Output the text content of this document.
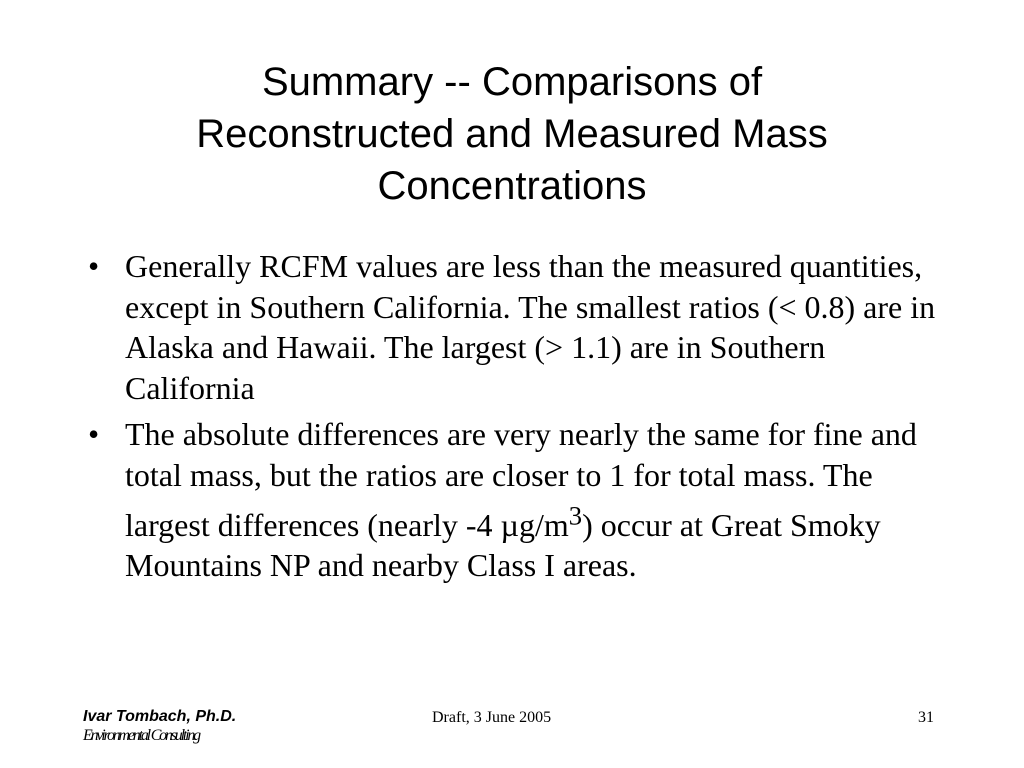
Summary -- Comparisons of
Reconstructed and Measured Mass
Concentrations
• Generally RCFM values are less than the measured quantities, except in Southern California. The smallest ratios (< 0.8) are in Alaska and Hawaii. The largest (> 1.1) are in Southern California
• The absolute differences are very nearly the same for fine and total mass, but the ratios are closer to 1 for total mass. The largest differences (nearly -4 $\mu g/m^3$) occur at Great Smoky Mountains NP and nearby Class I areas.
Ivar Tombach, Ph.D.
Environmental Consulting
Draft, 3 June 2005	31
